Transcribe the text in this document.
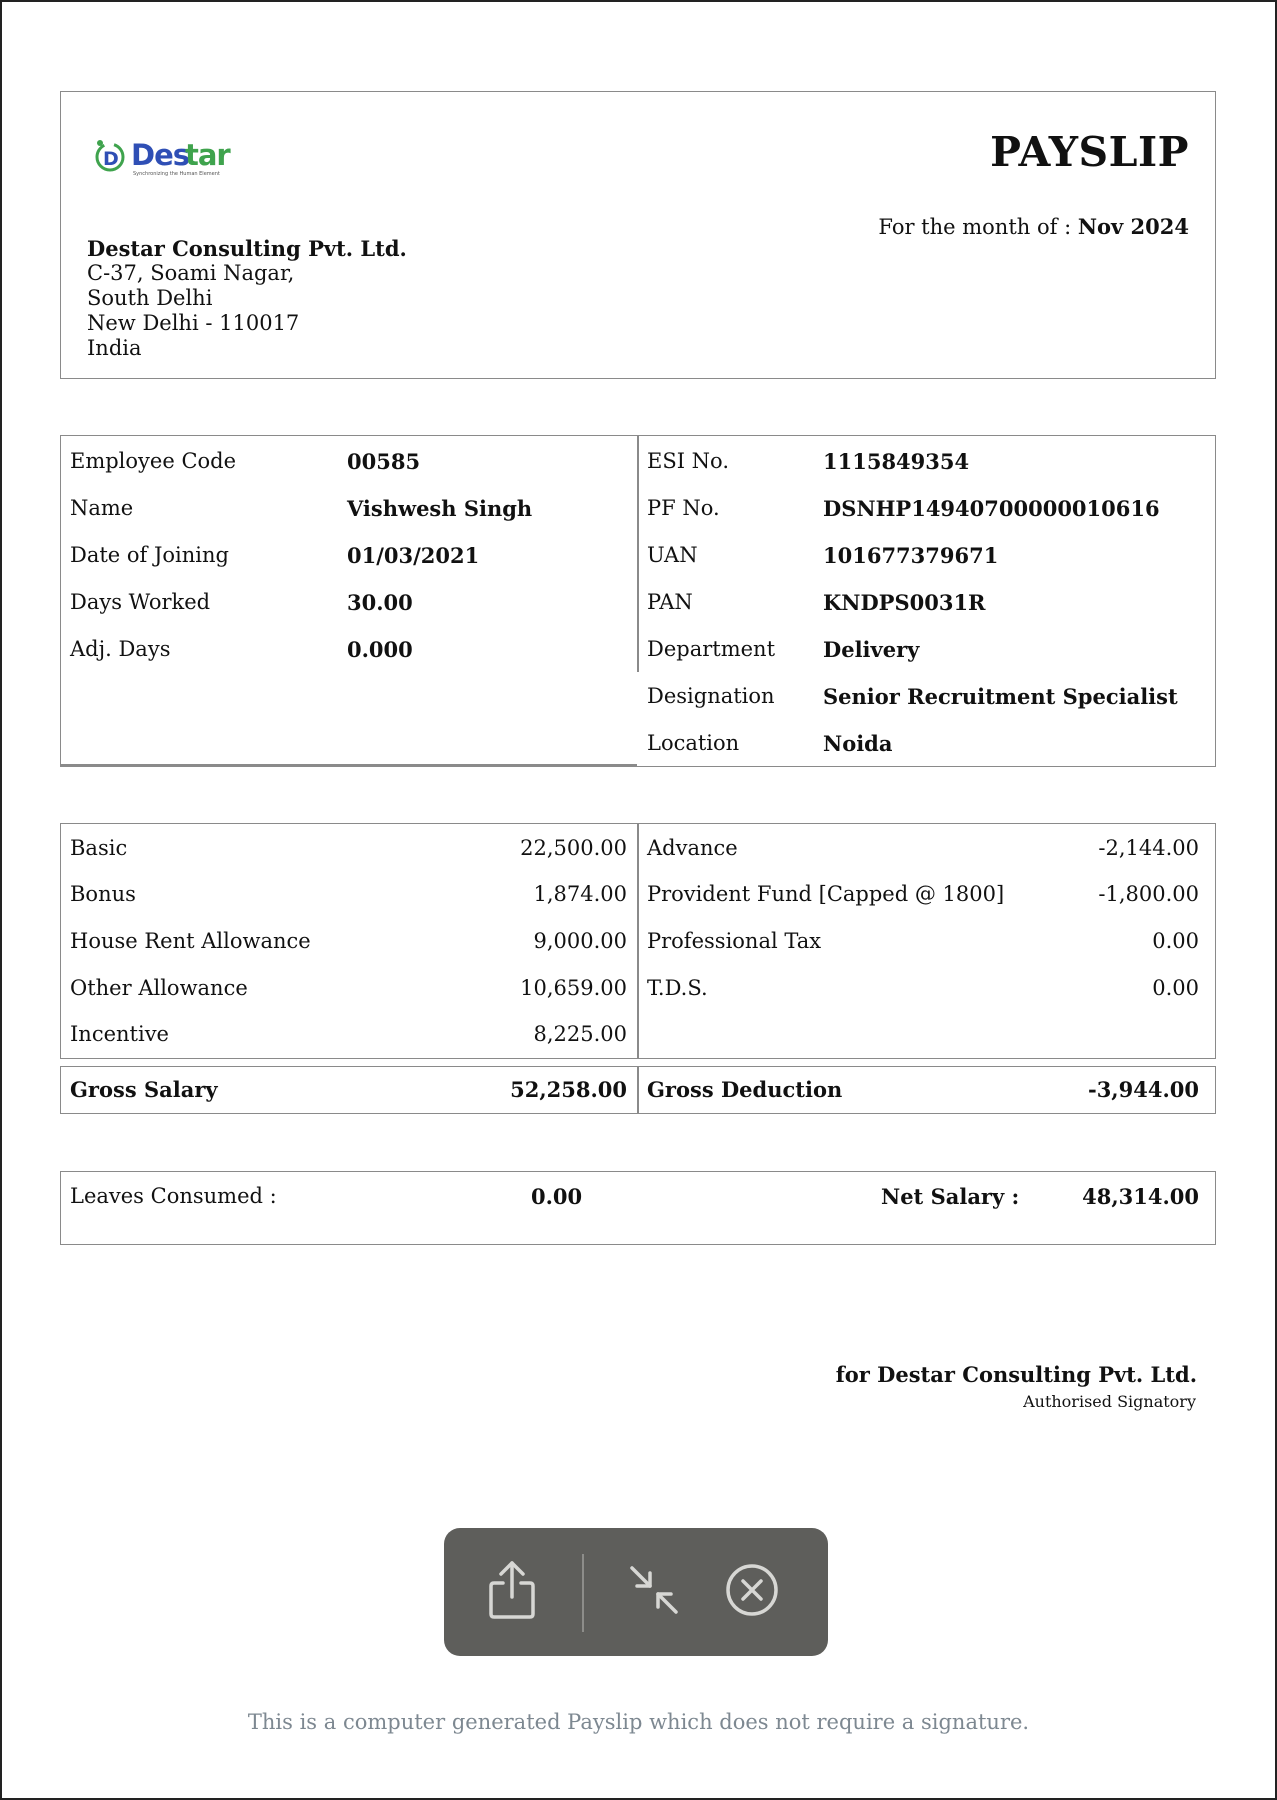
D Des
tar
Synchronizing the Human Element
Destar Consulting Pvt. Ltd.
C-37, Soami Nagar,
South Delhi
New Delhi - 110017
India
PAYSLIP
For the month of : Nov 2024
Employee Code	00585
Name	Vishwesh Singh
Date of Joining	01/03/2021
Days Worked	30.00
Adj. Days	0.000
ESI No.	1115849354
PF No.	DSNHP14940700000010616
UAN	101677379671
PAN	KNDPS0031R
Department Delivery
Designation Senior Recruitment Specialist
Location	Noida
Basic	22,500.00
Bonus	1,874.00
House Rent Allowance	9,000.00
Other Allowance	10,659.00
Incentive	8,225.00
Advance	-2,144.00
Provident Fund [Capped @ 1800]	-1,800.00
Professional Tax	0.00
T.D.S.	0.00
Gross Salary	52,258.00 Gross Deduction	-3,944.00
Leaves Consumed :	0.00	Net Salary :	48,314.00
for Destar Consulting Pvt. Ltd.
Authorised Signatory
This is a computer generated Payslip which does not require a signature.
